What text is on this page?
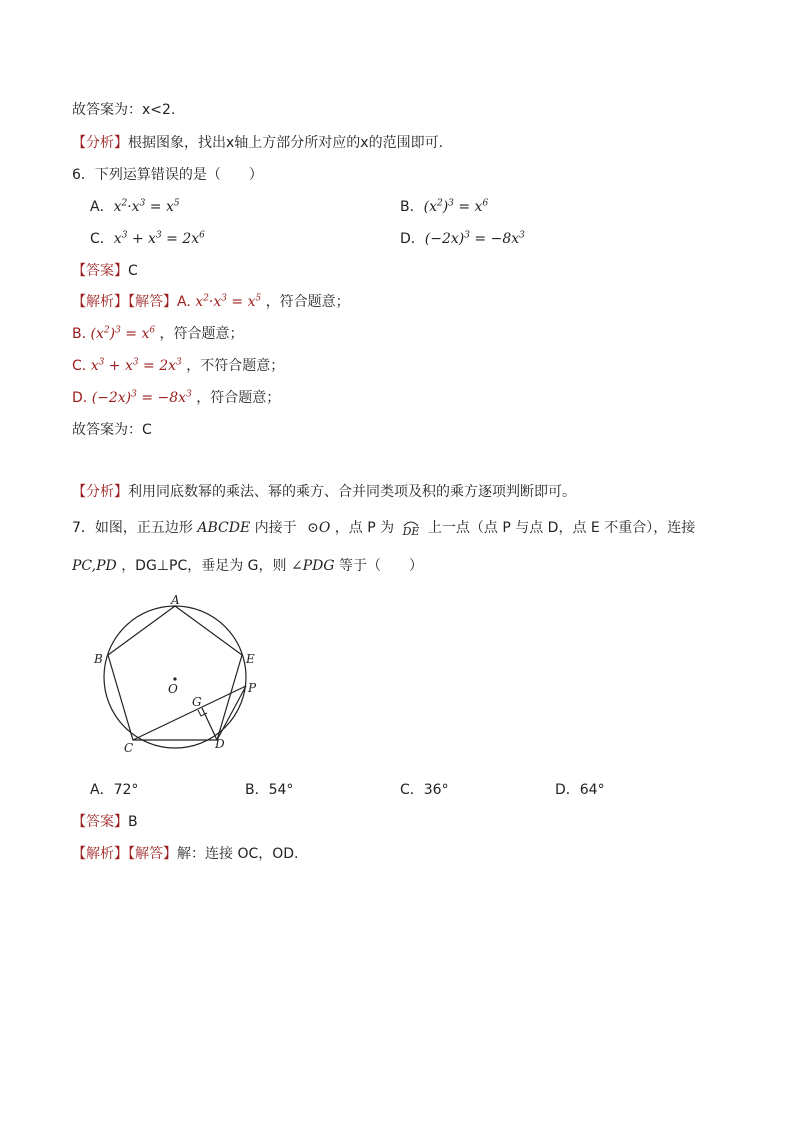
故答案为：x<2.
【分析】根据图象，找出x轴上方部分所对应的x的范围即可.
6．下列运算错误的是（　　）
A．$x^2\cdot x^3 = x^5$	B．$(x^2)^3 = x^6$
C．$x^3 + x^3 = 2x^6$	D．$(-2x)^3 = -8x^3$
【答案】C
【解析】【解答】A. $x^2\cdot x^3 = x^5$ ，符合题意；
B. $(x^2)^3 = x^6$ ，符合题意；
C. $x^3 + x^3 = 2x^3$ ，不符合题意；
D. $(-2x)^3 = -8x^3$ ，符合题意；
故答案为：C
【分析】利用同底数幂的乘法、幂的乘方、合并同类项及积的乘方逐项判断即可。
7．如图，正五边形 ABCDE 内接于 ⊙O ，点 P 为 DE 上一点（点 P 与点 D，点 E 不重合），连接
PC,PD ，DG⊥PC，垂足为 G，则 ∠PDG 等于（　　）
A
B
C	D
E
O
G
P
A．72°	B．54°	C．36°	D．64°
【答案】B
【解析】【解答】解：连接 OC，OD.
